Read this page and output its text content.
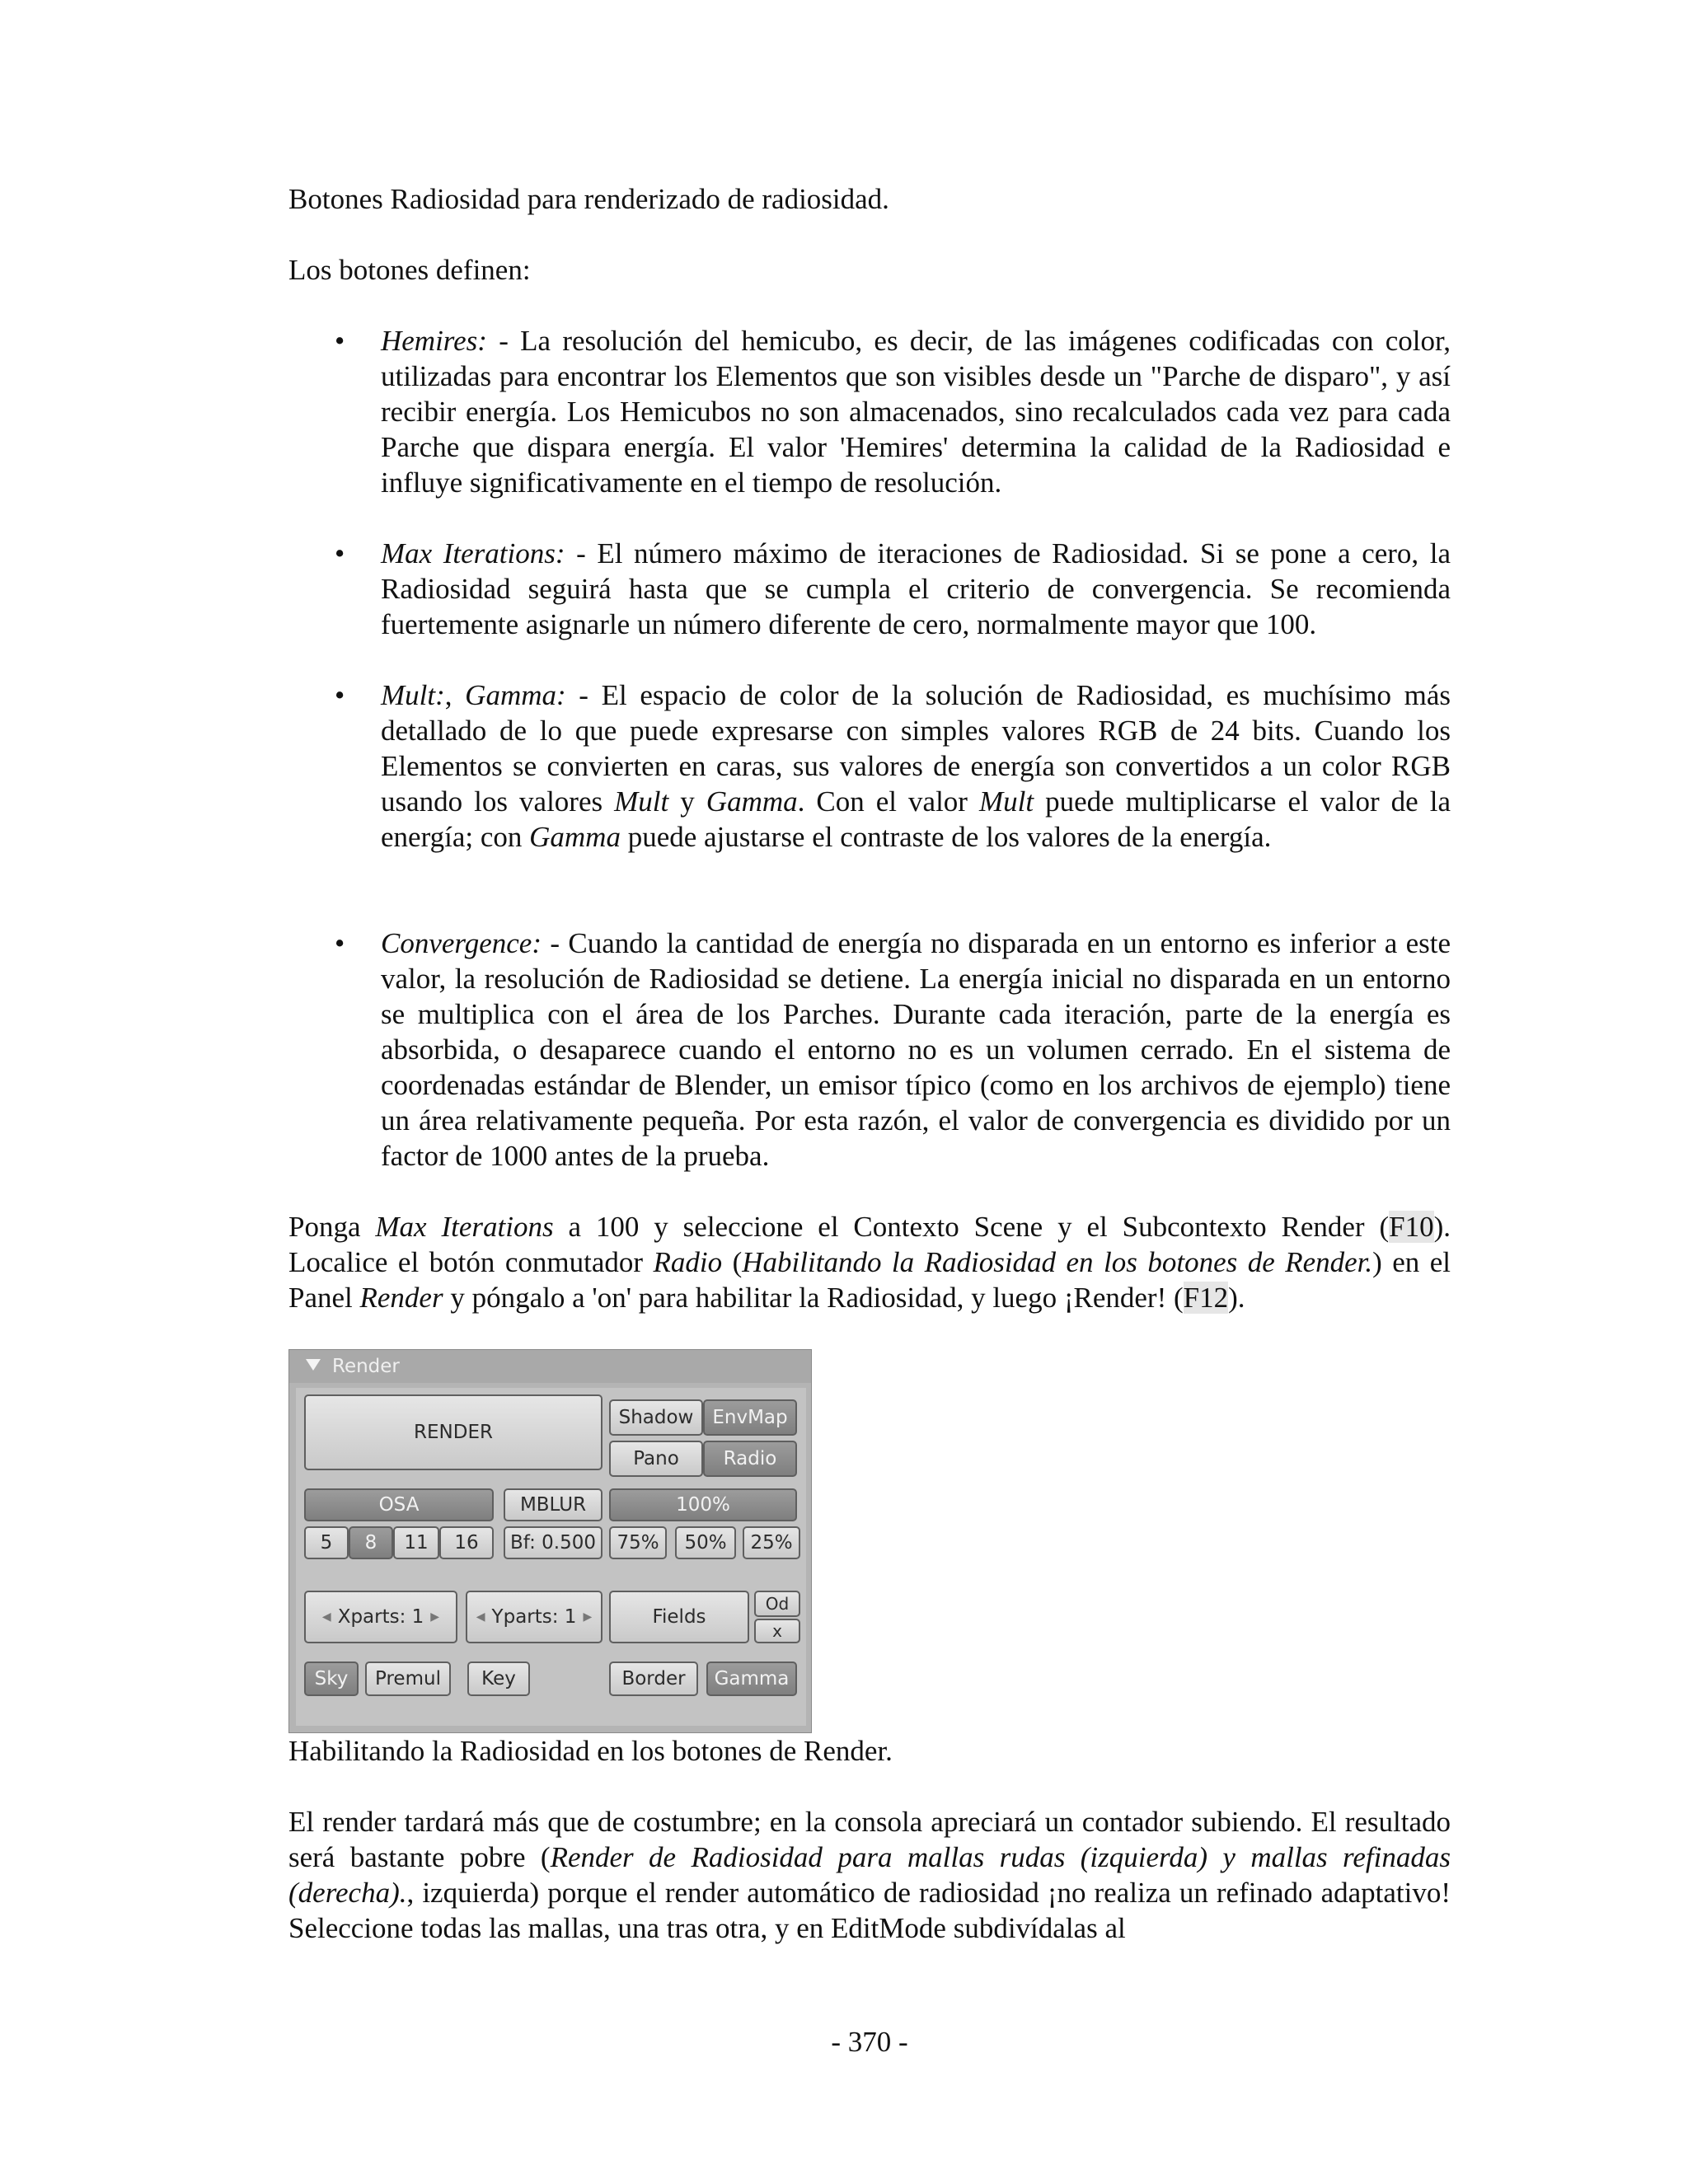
Botones Radiosidad para renderizado de radiosidad.

Los botones definen:

• Hemires: - La resolución del hemicubo, es decir, de las imágenes codificadas con color, utilizadas para encontrar los Elementos que son visibles desde un "Parche de disparo", y así recibir energía. Los Hemicubos no son almacenados, sino recalculados cada vez para cada Parche que dispara energía. El valor 'Hemires' determina la calidad de la Radiosidad e influye significativamente en el tiempo de resolución.
• Max Iterations: - El número máximo de iteraciones de Radiosidad. Si se pone a cero, la Radiosidad seguirá hasta que se cumpla el criterio de convergencia. Se recomienda fuertemente asignarle un número diferente de cero, normalmente mayor que 100.
• Mult:, Gamma: - El espacio de color de la solución de Radiosidad, es muchísimo más detallado de lo que puede expresarse con simples valores RGB de 24 bits. Cuando los Elementos se convierten en caras, sus valores de energía son convertidos a un color RGB usando los valores Mult y Gamma. Con el valor Mult puede multiplicarse el valor de la energía; con Gamma puede ajustarse el contraste de los valores de la energía.
• Convergence: - Cuando la cantidad de energía no disparada en un entorno es inferior a este valor, la resolución de Radiosidad se detiene. La energía inicial no disparada en un entorno se multiplica con el área de los Parches. Durante cada iteración, parte de la energía es absorbida, o desaparece cuando el entorno no es un volumen cerrado. En el sistema de coordenadas estándar de Blender, un emisor típico (como en los archivos de ejemplo) tiene un área relativamente pequeña. Por esta razón, el valor de convergencia es dividido por un factor de 1000 antes de la prueba.

Ponga Max Iterations a 100 y seleccione el Contexto Scene y el Subcontexto Render (F10). Localice el botón conmutador Radio (Habilitando la Radiosidad en los botones de Render.) en el Panel Render y póngalo a 'on' para habilitar la Radiosidad, y luego ¡Render! (F12).

Render
RENDER
Shadow EnvMap
Pano Radio
OSA	MBLUR	100%
5 8 11 16 Bf: 0.500 75% 50% 25%
◀ Xparts: 1 ▶	◀ Yparts: 1 ▶	Fields
Od
x
Sky Premul Key	Border Gamma

Habilitando la Radiosidad en los botones de Render.

El render tardará más que de costumbre; en la consola apreciará un contador subiendo. El resultado será bastante pobre (Render de Radiosidad para mallas rudas (izquierda) y mallas refinadas (derecha)., izquierda) porque el render automático de radiosidad ¡no realiza un refinado adaptativo! Seleccione todas las mallas, una tras otra, y en EditMode subdivídalas al

- 370 -
